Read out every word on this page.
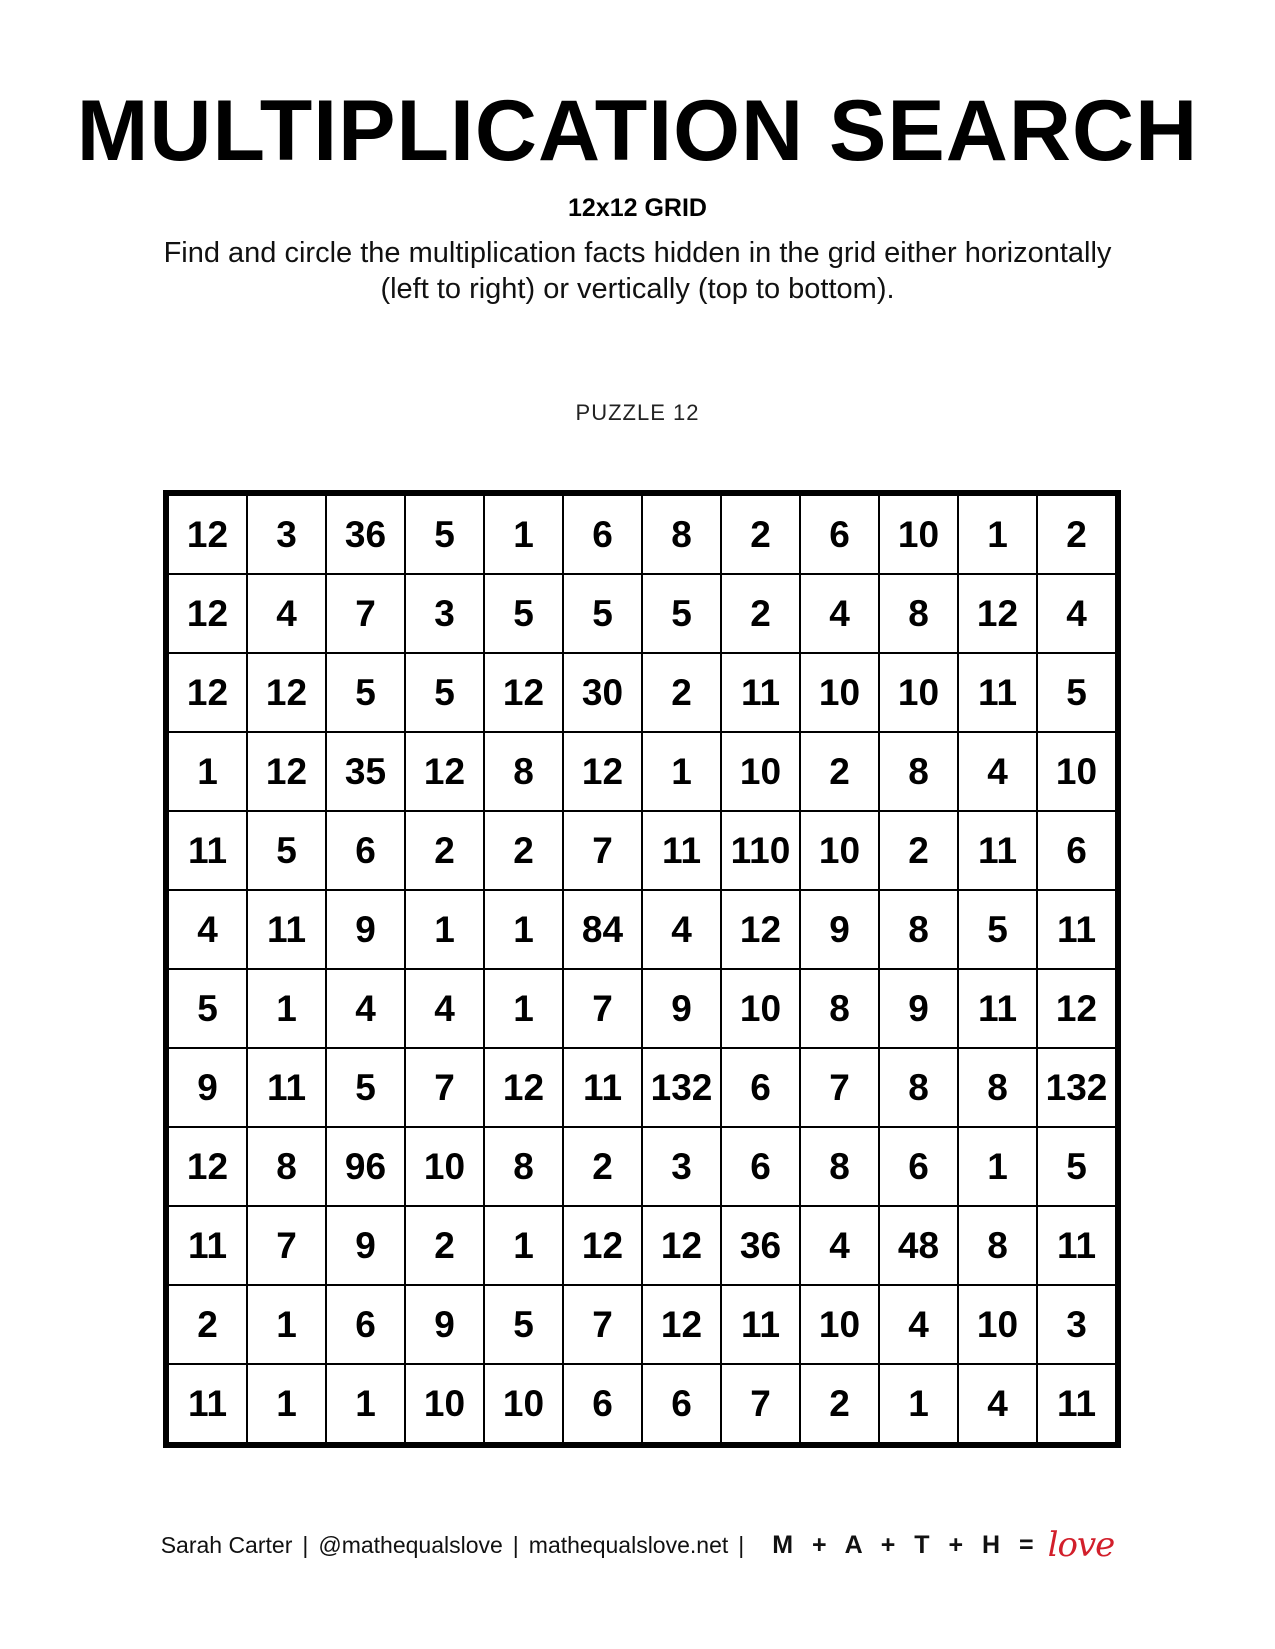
MULTIPLICATION SEARCH
12x12 GRID
Find and circle the multiplication facts hidden in the grid either horizontally (left to right) or vertically (top to bottom).
PUZZLE 12
12	3	36	5	1	6	8	2	6	10	1	2
12	4	7	3	5	5	5	2	4	8	12	4
12	12	5	5	12	30	2	11	10	10	11	5
1	12	35	12	8	12	1	10	2	8	4	10
11	5	6	2	2	7	11	110	10	2	11	6
4	11	9	1	1	84	4	12	9	8	5	11
5	1	4	4	1	7	9	10	8	9	11	12
9	11	5	7	12	11	132	6	7	8	8	132
12	8	96	10	8	2	3	6	8	6	1	5
11	7	9	2	1	12	12	36	4	48	8	11
2	1	6	9	5	7	12	11	10	4	10	3
11	1	1	10	10	6	6	7	2	1	4	11
Sarah Carter | @mathequalslove | mathequalslove.net | M + A + T + H = love
